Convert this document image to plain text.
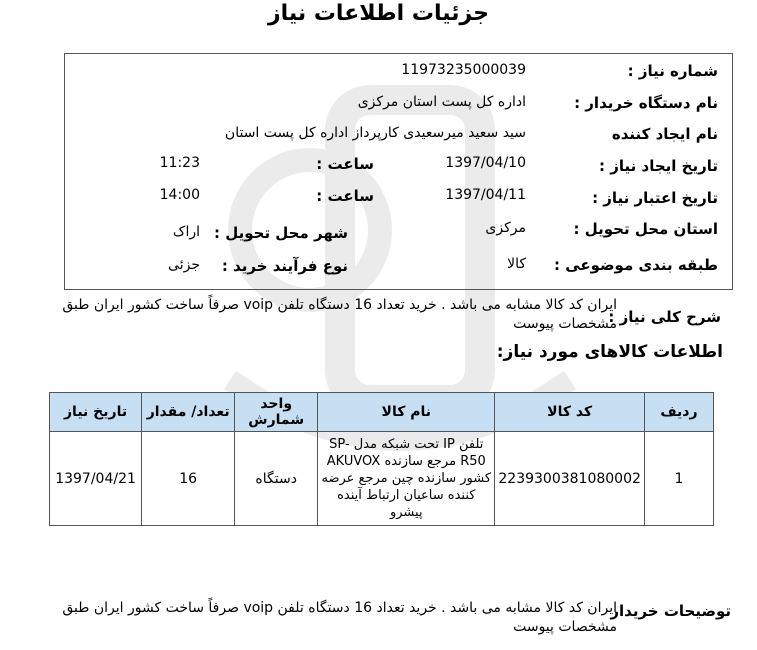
جزئیات اطلاعات نیاز
شماره نیاز :
11973235000039
نام دستگاه خریدار :
اداره کل پست استان مرکزی
نام ایجاد کننده
سید سعید میرسعیدی کارپرداز اداره کل پست استان
تاریخ ایجاد نیاز :
1397/04/10
ساعت :
11:23
تاریخ اعتبار نیاز :
1397/04/11
ساعت :
14:00
استان محل تحویل :
مرکزی
شهر محل تحویل :
اراک
طبقه بندی موضوعی :
کالا
نوع فرآیند خرید :
جزئی
شرح کلی نیاز :
ایران کد کالا مشابه می باشد . خرید تعداد 16 دستگاه تلفن voip صرفاً ساخت کشور ایران طبق مشخصات پیوست
اطلاعات کالاهای مورد نیاز:
ردیف	کد کالا	نام کالا	واحد شمارش	تعداد/ مقدار	تاریخ نیاز
1	2239300381080002	تلفن IP تحت شبکه مدل SP-R50 مرجع سازنده AKUVOX کشور سازنده چین مرجع عرضه کننده ساعیان ارتباط آینده پیشرو	دستگاه	16	1397/04/21
توضیحات خریدار
ایران کد کالا مشابه می باشد . خرید تعداد 16 دستگاه تلفن voip صرفاً ساخت کشور ایران طبق مشخصات پیوست
